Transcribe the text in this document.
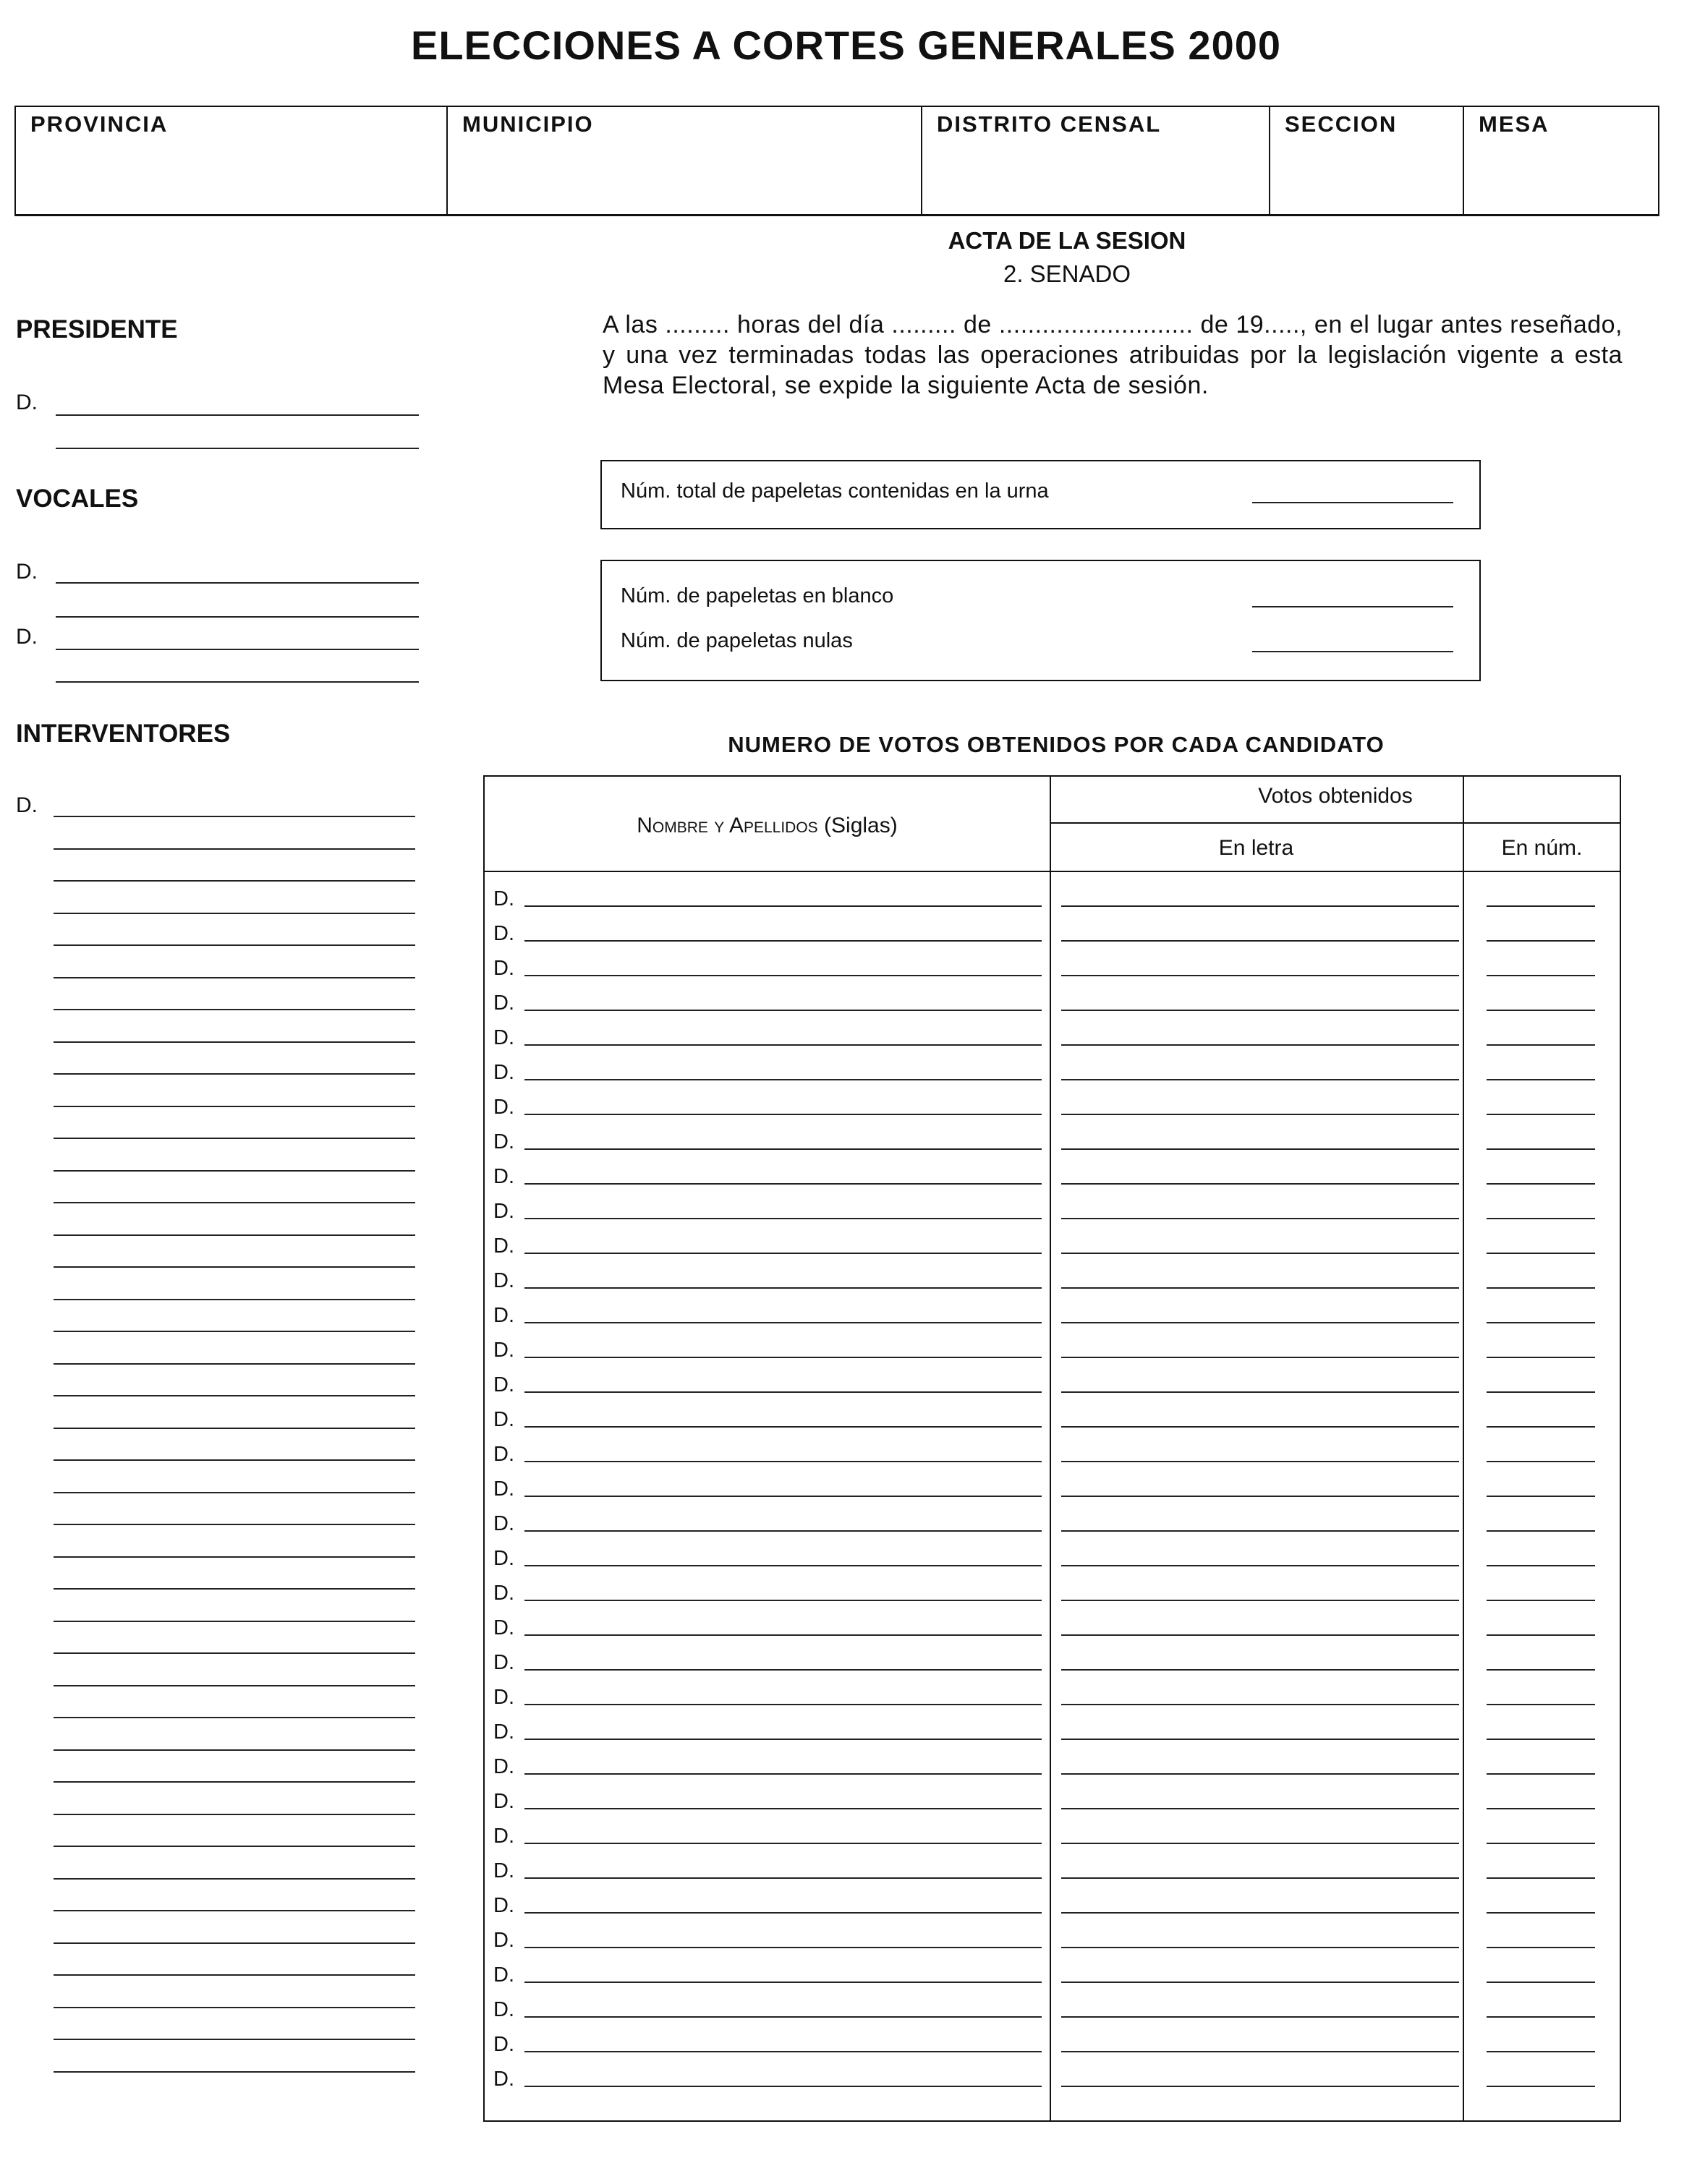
ELECCIONES A CORTES GENERALES 2000
PROVINCIA	MUNICIPIO	DISTRITO CENSAL	SECCION	MESA
ACTA DE LA SESION
2. SENADO
PRESIDENTE
D.
VOCALES
D.
D.
INTERVENTORES
D.
A las ......... horas del día ......... de ........................... de 19....., en el lugar antes reseñado, y una vez terminadas todas las operaciones atribuidas por la legislación vigente a esta Mesa Electoral, se expide la siguiente Acta de sesión.
Núm. total de papeletas contenidas en la urna
Núm. de papeletas en blanco
Núm. de papeletas nulas
NUMERO DE VOTOS OBTENIDOS POR CADA CANDIDATO
Nombre y Apellidos (Siglas)
Votos obtenidos
En letra	En núm.
D.
D.
D.
D.
D.
D.
D.
D.
D.
D.
D.
D.
D.
D.
D.
D.
D.
D.
D.
D.
D.
D.
D.
D.
D.
D.
D.
D.
D.
D.
D.
D.
D.
D.
D.
